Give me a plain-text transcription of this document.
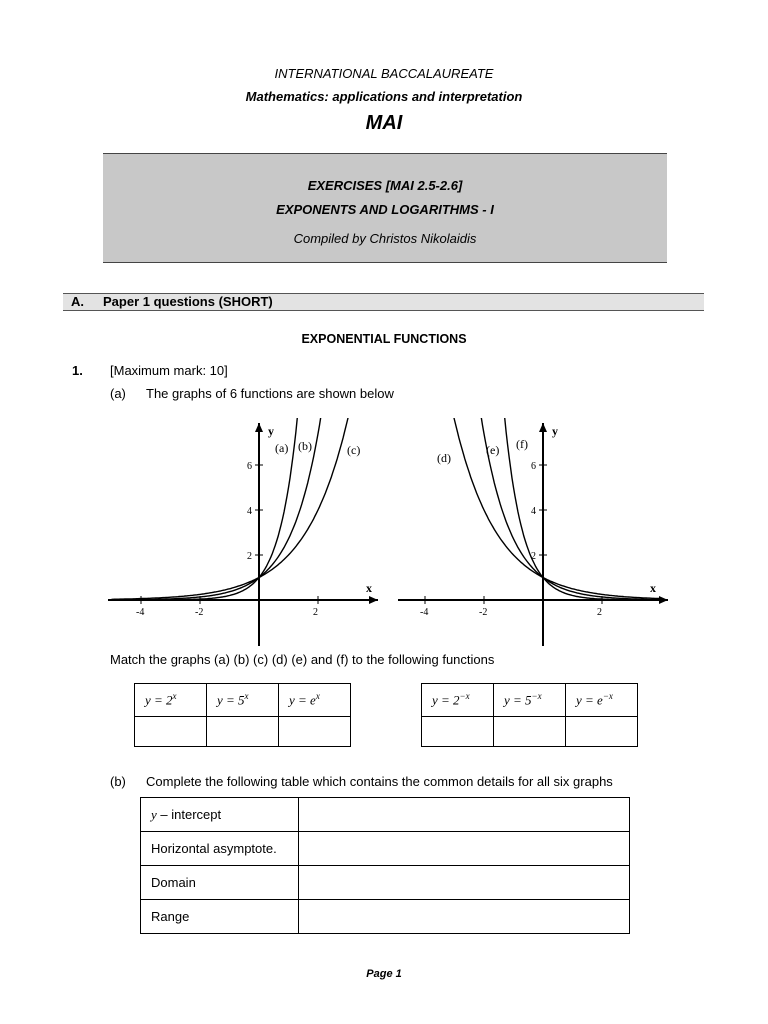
INTERNATIONAL BACCALAUREATE
Mathematics: applications and interpretation
MAI
EXERCISES [MAI 2.5-2.6]
EXPONENTS AND LOGARITHMS - I
Compiled by Christos Nikolaidis
A. Paper 1 questions (SHORT)
EXPONENTIAL FUNCTIONS
1. [Maximum mark: 10]
(a) The graphs of 6 functions are shown below
x
y
-4	-2	2
2
4
6
(a) (b)	(c)
x
y
-4	-2	2
2
4
6
(d)
(e) (f)
Match the graphs (a) (b) (c) (d) (e) and (f) to the following functions
$y = 2^x$	$y = 5^x$	$y = e^x$
			$y = 2^{-x}$	$y = 5^{-x}$	$y = e^{-x}$

(b) Complete the following table which contains the common details for all six graphs
y – intercept	
Horizontal asymptote.	
Domain	
Range	
Page 1
